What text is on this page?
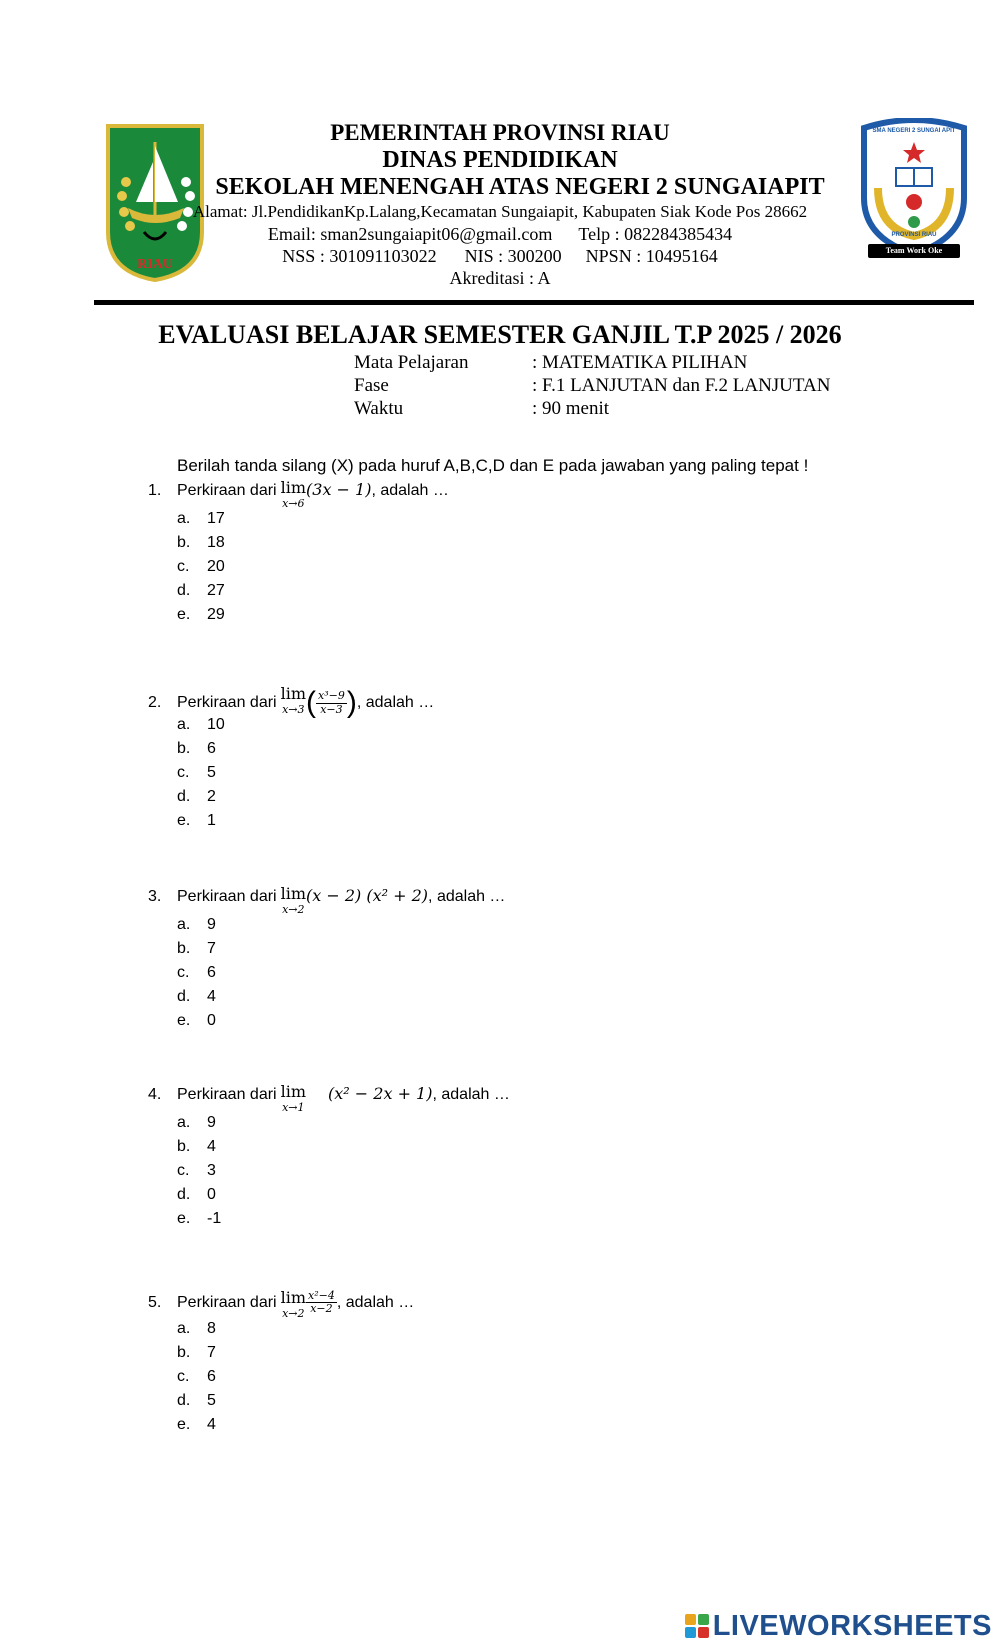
RIAU
SMA NEGERI 2 SUNGAI APIT
PROVINSI RIAU
Team Work Oke
PEMERINTAH PROVINSI RIAU
DINAS PENDIDIKAN
SEKOLAH MENENGAH ATAS NEGERI 2 SUNGAIAPIT
Alamat: Jl.PendidikanKp.Lalang,Kecamatan Sungaiapit, Kabupaten Siak Kode Pos 28662
Email: sman2sungaiapit06@gmail.com Telp : 082284385434
NSS : 301091103022 NIS : 300200 NPSN : 10495164
Akreditasi : A
EVALUASI BELAJAR SEMESTER GANJIL T.P 2025 / 2026
Mata Pelajaran	: MATEMATIKA PILIHAN
Fase	: F.1 LANJUTAN dan F.2 LANJUTAN
Waktu	: 90 menit
Berilah tanda silang (X) pada huruf A,B,C,D dan E pada jawaban yang paling tepat !
1. Perkiraan dari lim
x→6
(3x − 1), adalah …
a. 17
b. 18
c. 20
d. 27
e. 29
2. Perkiraan dari lim
x→3 ( $\frac{\text{x³−9}}{x-3}$ ), adalah …
a. 10
b. 6
c. 5
d. 2
e. 1
3. Perkiraan dari lim
x→2
(x − 2) (x² + 2), adalah …
a. 9
b. 7
c. 6
d. 4
e. 0
4. Perkiraan dari lim
x→1
(x² − 2x + 1), adalah …
a. 9
b. 4
c. 3
d. 0
e. -1
5. Perkiraan dari lim
$x\to 2 \frac{\text{x²−4}}{x-2}$ , adalah …
a. 8
b. 7
c. 6
d. 5
e. 4
LIVEWORKSHEETS
